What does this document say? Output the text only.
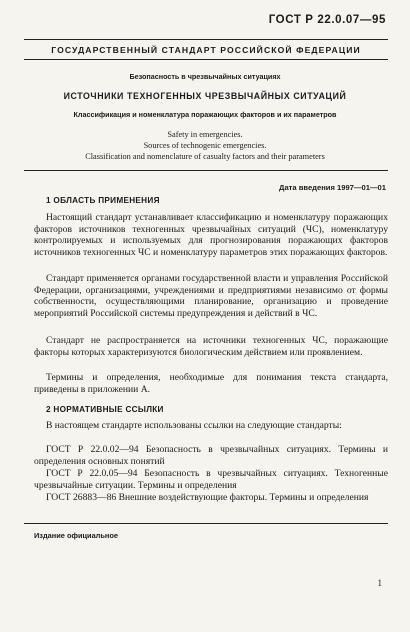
ГОСТ Р 22.0.07—95
ГОСУДАРСТВЕННЫЙ СТАНДАРТ РОССИЙСКОЙ ФЕДЕРАЦИИ
Безопасность в чрезвычайных ситуациях
ИСТОЧНИКИ ТЕХНОГЕННЫХ ЧРЕЗВЫЧАЙНЫХ СИТУАЦИЙ
Классификация и номенклатура поражающих факторов и их параметров
Safety in emergencies.
Sources of technogenic emergencies.
Classification and nomenclature of casualty factors and their parameters
Дата введения 1997—01—01
1 ОБЛАСТЬ ПРИМЕНЕНИЯ
Настоящий стандарт устанавливает классификацию и номенклатуру поражающих факторов источников техногенных чрезвычайных ситуаций (ЧС), номенклатуру контролируемых и используемых для прогнозирования поражающих факторов источников техногенных ЧС и номенклатуру параметров этих поражающих факторов.
Стандарт применяется органами государственной власти и управления Российской Федерации, организациями, учреждениями и предприятиями независимо от формы собственности, осуществляющими планирование, организацию и проведение мероприятий Российской системы предупреждения и действий в ЧС.
Стандарт не распространяется на источники техногенных ЧС, поражающие факторы которых характеризуются биологическим действием или проявлением.
Термины и определения, необходимые для понимания текста стандарта, приведены в приложении А.
2 НОРМАТИВНЫЕ ССЫЛКИ
В настоящем стандарте использованы ссылки на следующие стандарты:
ГОСТ Р 22.0.02—94 Безопасность в чрезвычайных ситуациях. Термины и определения основных понятий
ГОСТ Р 22.0.05—94 Безопасность в чрезвычайных ситуациях. Техногенные чрезвычайные ситуации. Термины и определения
ГОСТ 26883—86 Внешние воздействующие факторы. Термины и определения
Издание официальное
1
